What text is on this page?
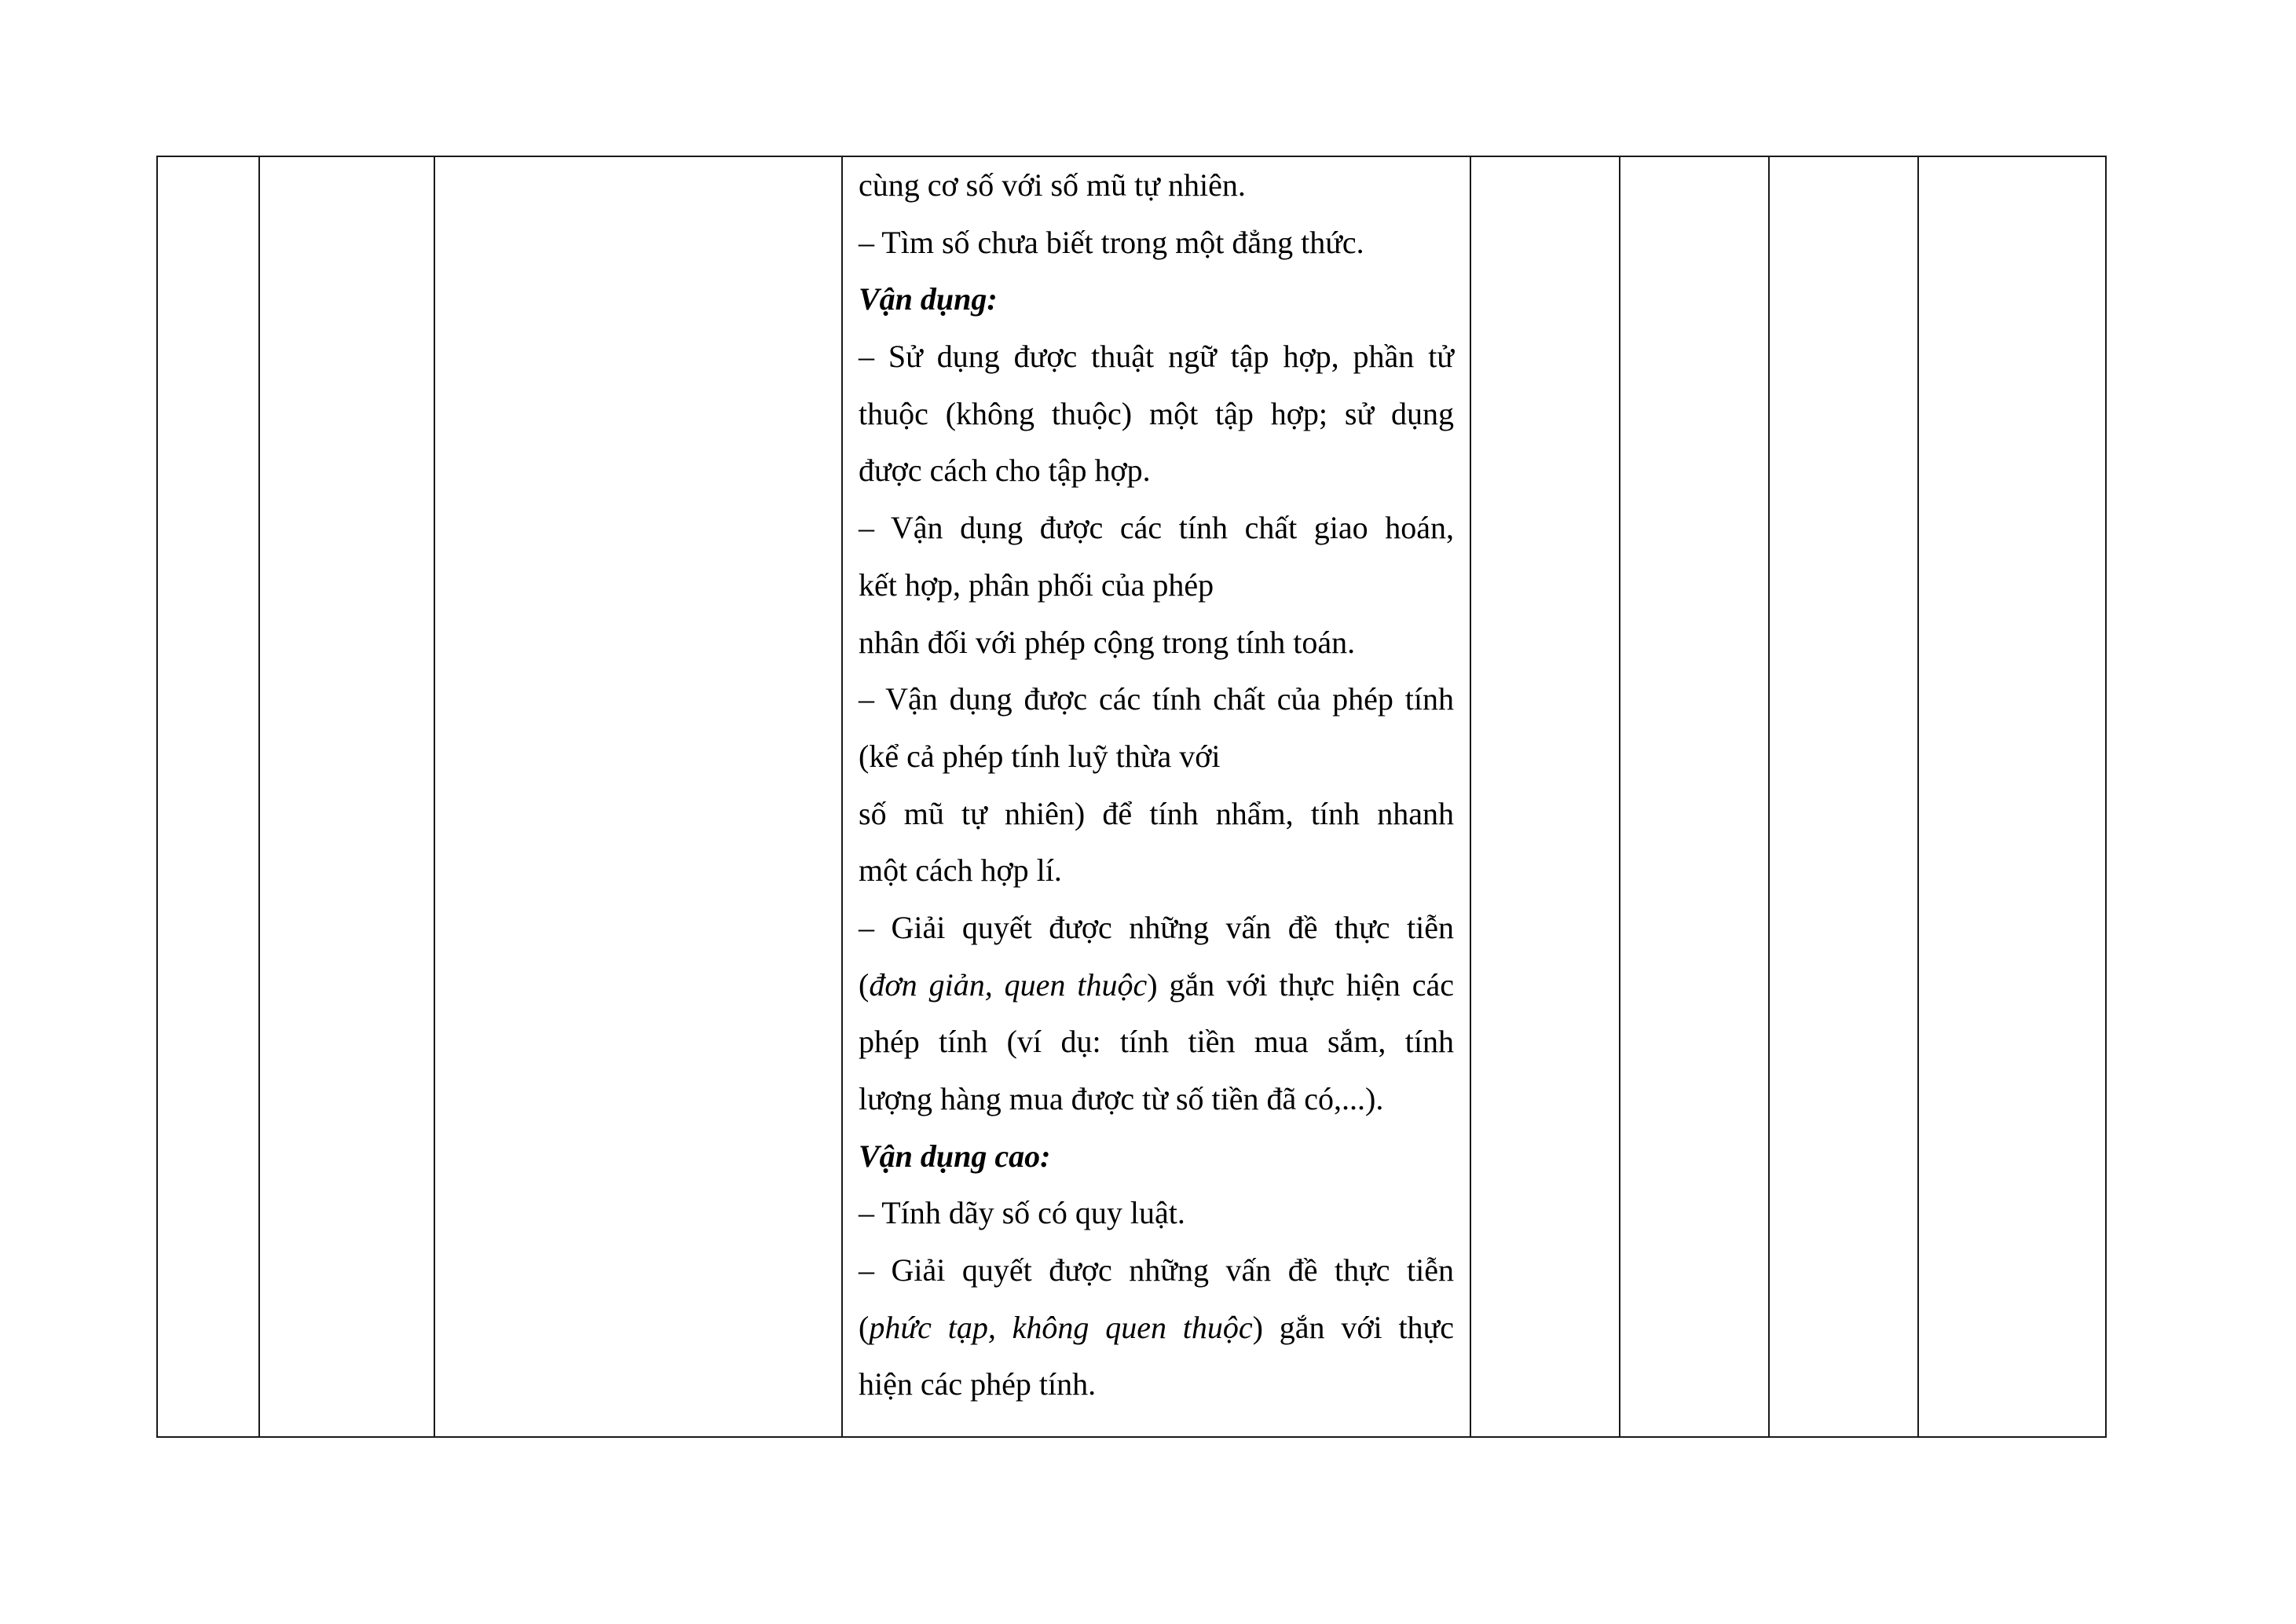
cùng cơ số với số mũ tự nhiên.
– Tìm số chưa biết trong một đẳng thức.
Vận dụng:
– Sử dụng được thuật ngữ tập hợp, phần tử
thuộc (không thuộc) một tập hợp; sử dụng
được cách cho tập hợp.
– Vận dụng được các tính chất giao hoán,
kết hợp, phân phối của phép
nhân đối với phép cộng trong tính toán.
– Vận dụng được các tính chất của phép tính
(kể cả phép tính luỹ thừa với
số mũ tự nhiên) để tính nhẩm, tính nhanh
một cách hợp lí.
– Giải quyết được những vấn đề thực tiễn
(đơn giản, quen thuộc) gắn với thực hiện các
phép tính (ví dụ: tính tiền mua sắm, tính
lượng hàng mua được từ số tiền đã có,...).
Vận dụng cao:
– Tính dãy số có quy luật.
– Giải quyết được những vấn đề thực tiễn
(phức tạp, không quen thuộc) gắn với thực
hiện các phép tính.
